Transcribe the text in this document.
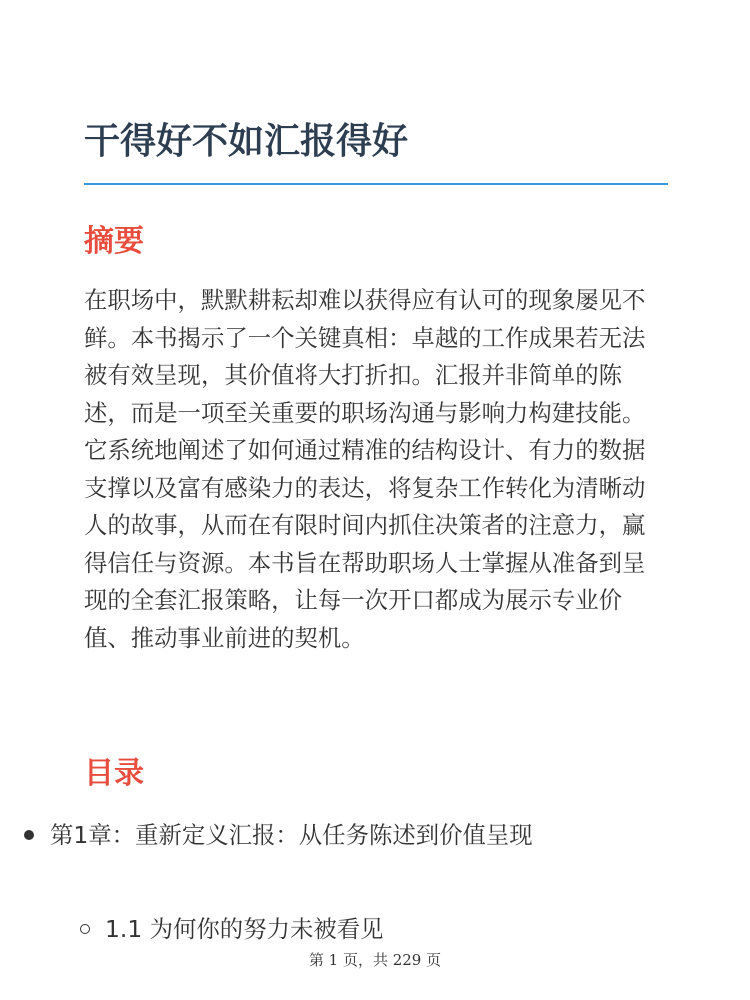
干得好不如汇报得好
摘要

在职场中，默默耕耘却难以获得应有认可的现象屡见不鲜。本书揭示了一个关键真相：卓越的工作成果若无法被有效呈现，其价值将大打折扣。汇报并非简单的陈述，而是一项至关重要的职场沟通与影响力构建技能。它系统地阐述了如何通过精准的结构设计、有力的数据支撑以及富有感染力的表达，将复杂工作转化为清晰动人的故事，从而在有限时间内抓住决策者的注意力，赢得信任与资源。本书旨在帮助职场人士掌握从准备到呈现的全套汇报策略，让每一次开口都成为展示专业价值、推动事业前进的契机。

目录
第1章：重新定义汇报：从任务陈述到价值呈现
1.1 为何你的努力未被看见
第 1 页，共 229 页
